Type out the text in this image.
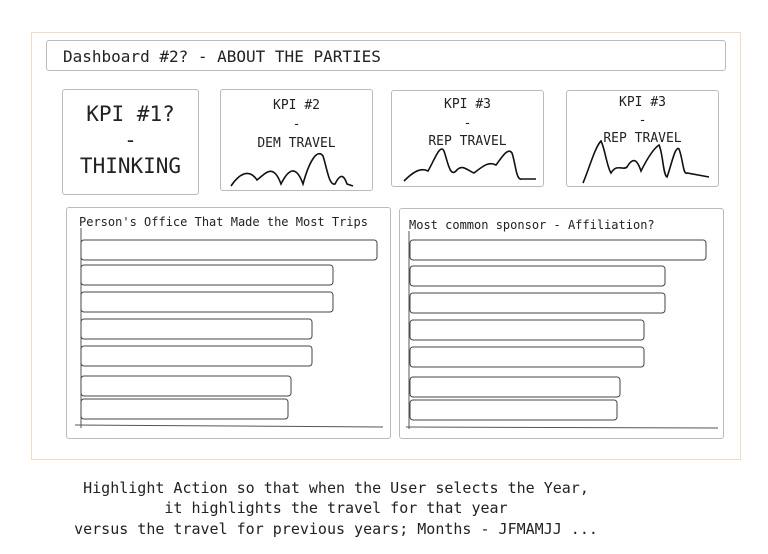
Dashboard #2? - ABOUT THE PARTIES
KPI #1?
-
THINKING
KPI #2
-
DEM TRAVEL
KPI #3
-
REP TRAVEL
KPI #3
-
REP TRAVEL
Person's Office That Made the Most Trips	Most common sponsor - Affiliation?
Highlight Action so that when the User selects the Year,
it highlights the travel for that year
versus the travel for previous years; Months - JFMAMJJ ...
